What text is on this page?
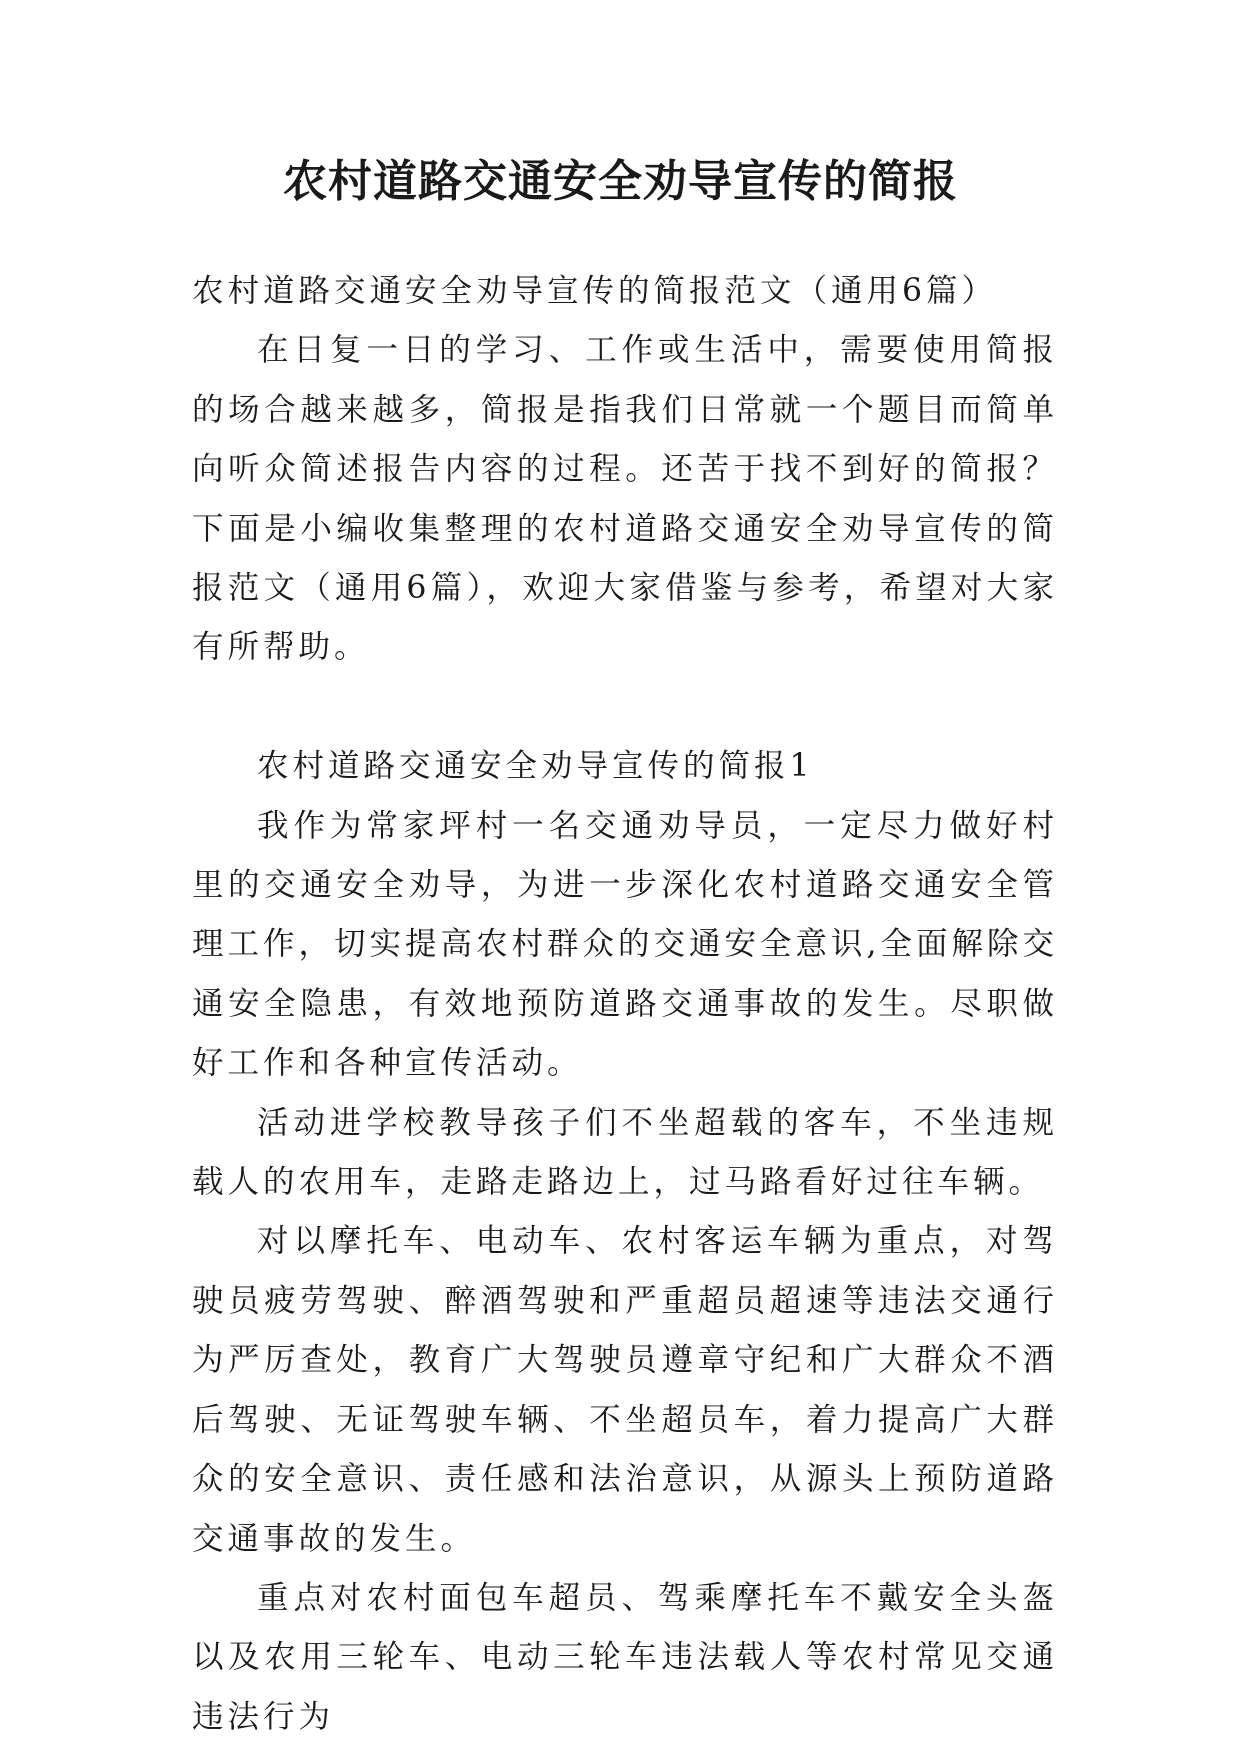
农村道路交通安全劝导宣传的简报

农村道路交通安全劝导宣传的简报范文（通用6篇）

在日复一日的学习、工作或生活中，需要使用简报的场合越来越多，简报是指我们日常就一个题目而简单向听众简述报告内容的过程。还苦于找不到好的简报？下面是小编收集整理的农村道路交通安全劝导宣传的简报范文（通用6篇），欢迎大家借鉴与参考，希望对大家有所帮助。

农村道路交通安全劝导宣传的简报1

我作为常家坪村一名交通劝导员，一定尽力做好村里的交通安全劝导，为进一步深化农村道路交通安全管理工作，切实提高农村群众的交通安全意识,全面解除交通安全隐患，有效地预防道路交通事故的发生。尽职做好工作和各种宣传活动。

活动进学校教导孩子们不坐超载的客车，不坐违规载人的农用车，走路走路边上，过马路看好过往车辆。

对以摩托车、电动车、农村客运车辆为重点，对驾驶员疲劳驾驶、醉酒驾驶和严重超员超速等违法交通行为严厉查处，教育广大驾驶员遵章守纪和广大群众不酒后驾驶、无证驾驶车辆、不坐超员车，着力提高广大群众的安全意识、责任感和法治意识，从源头上预防道路交通事故的发生。

重点对农村面包车超员、驾乘摩托车不戴安全头盔以及农用三轮车、电动三轮车违法载人等农村常见交通违法行为
